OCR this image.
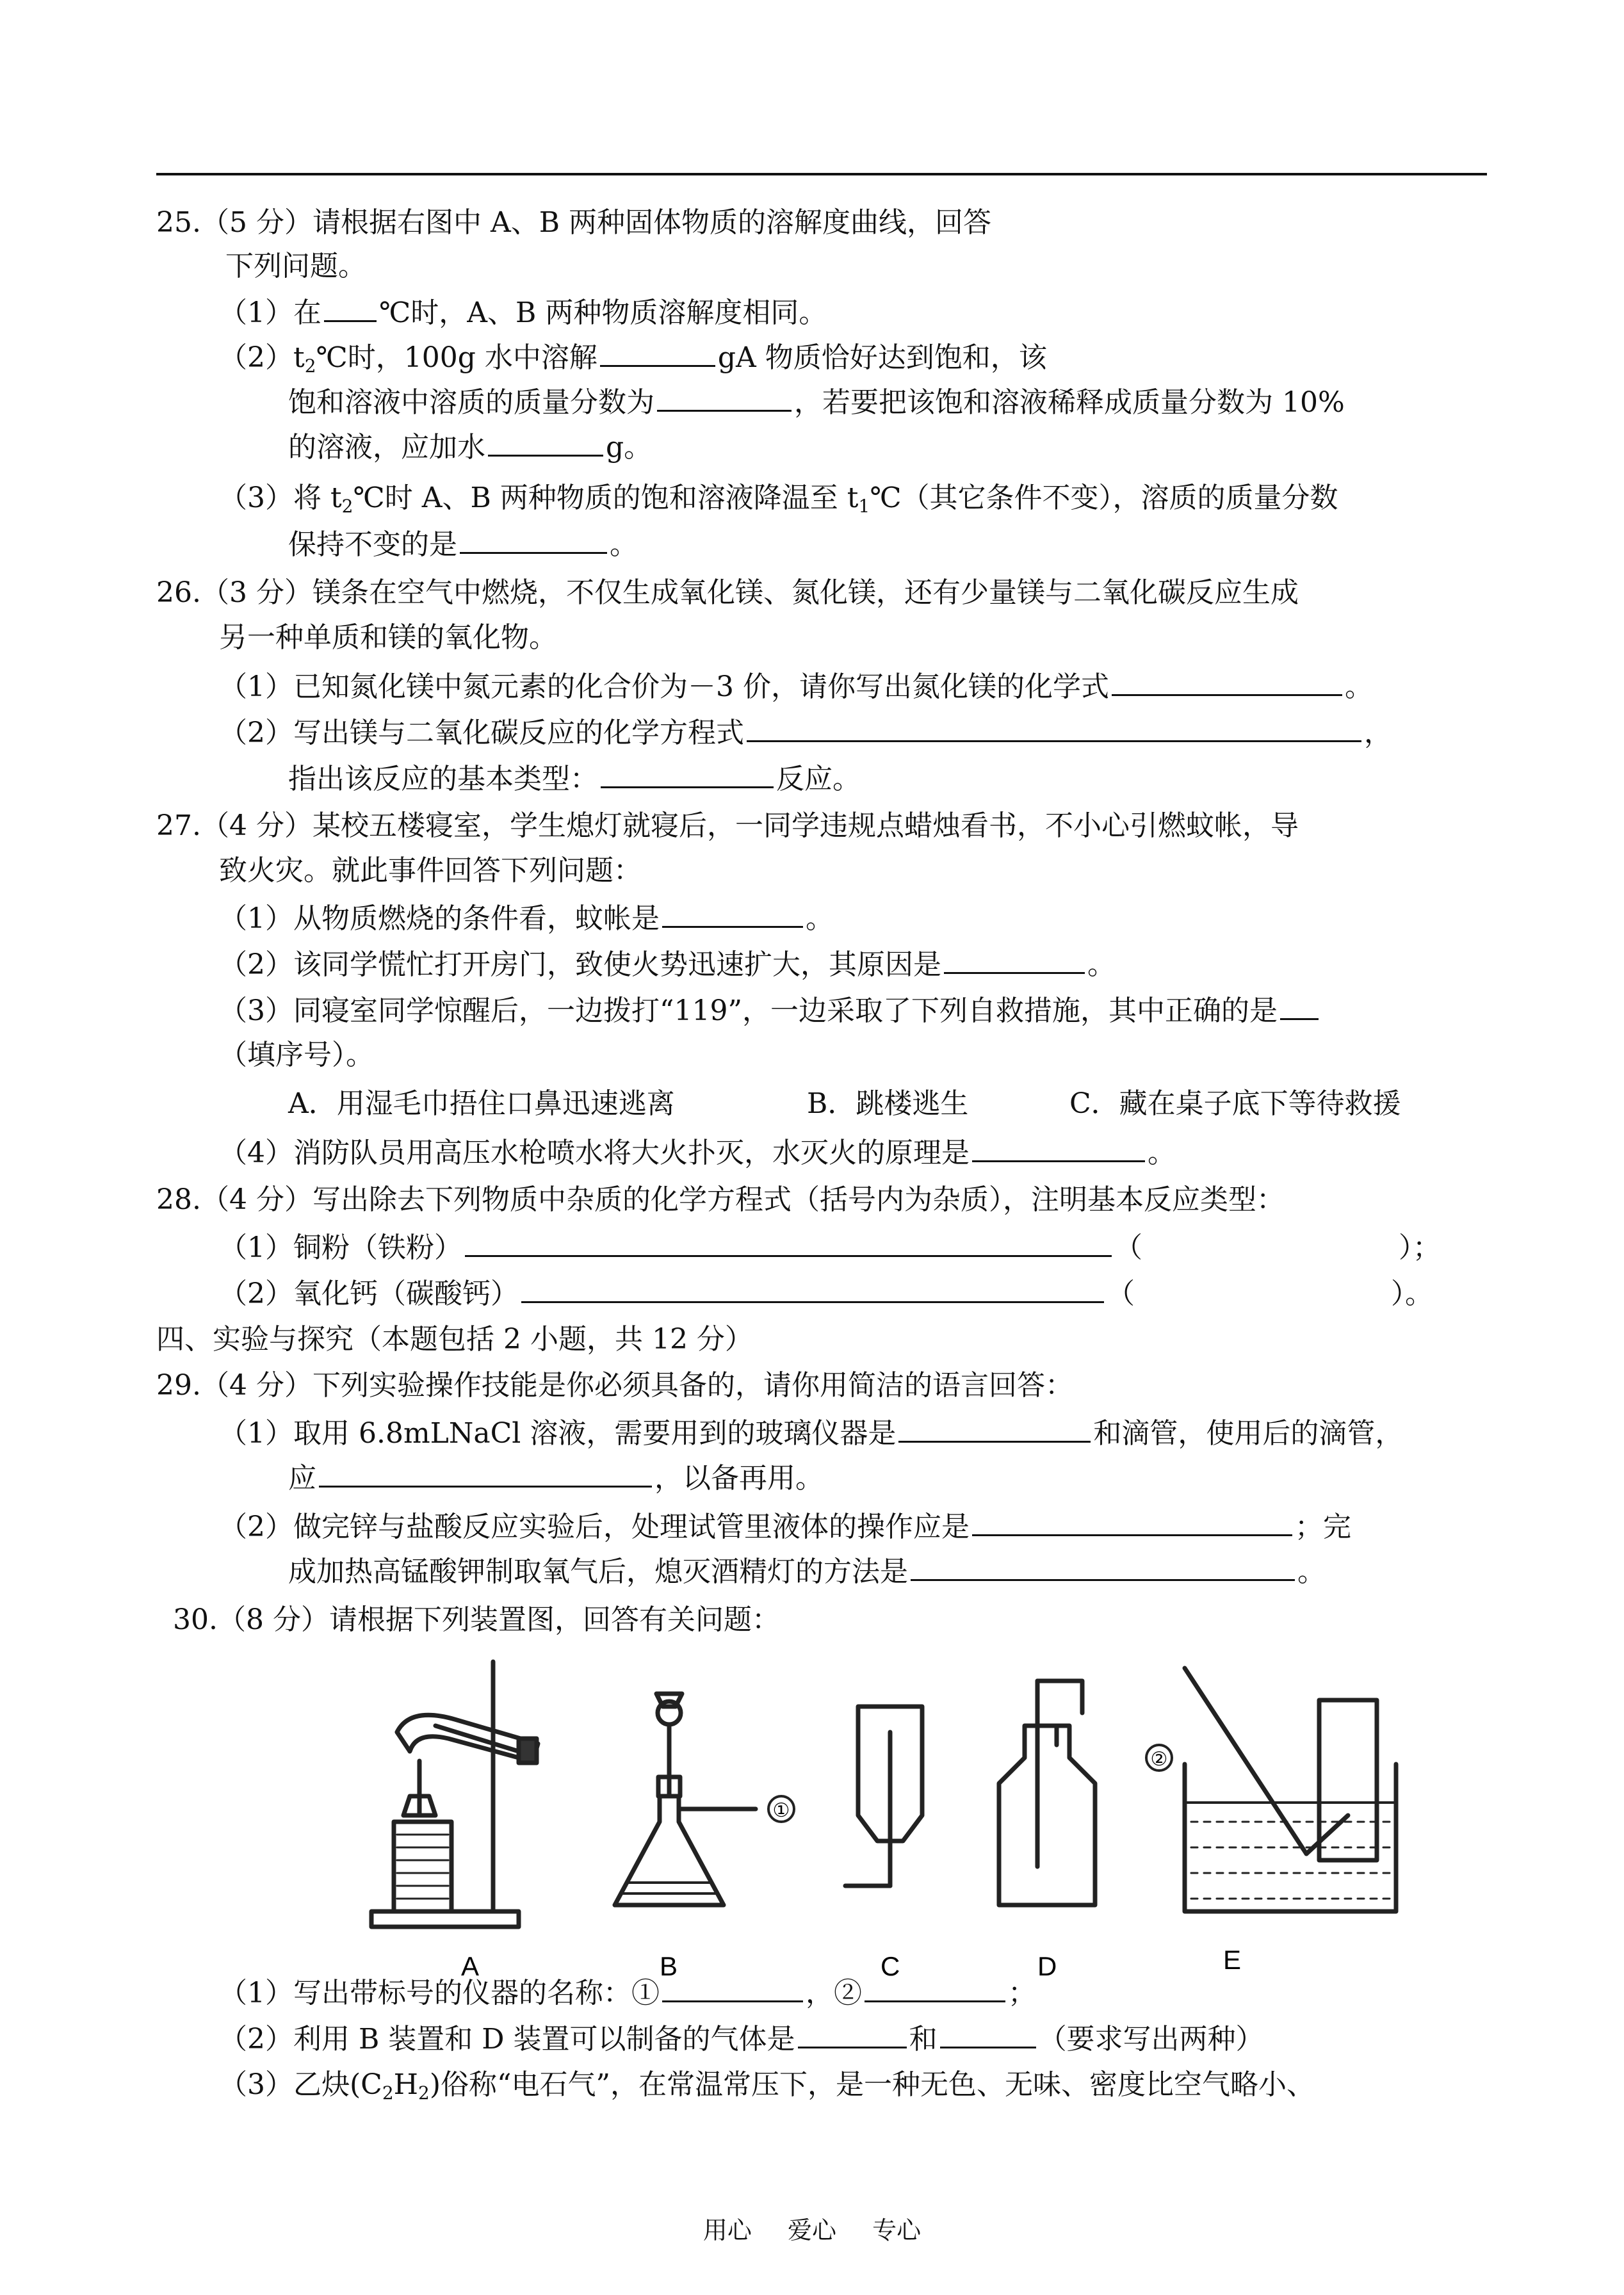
25.（5 分）请根据右图中 A、B 两种固体物质的溶解度曲线，回答
下列问题。
（1）在 ℃时，A、B 两种物质溶解度相同。
$(2)t_2℃$时，100g 水中溶解	gA 物质恰好达到饱和，该
饱和溶液中溶质的质量分数为	，若要把该饱和溶液稀释成质量分数为 10%
的溶液，应加水	g。
（3）将 $t_2℃$时 A、B 两种物质的饱和溶液降温至 $t_1℃$（其它条件不变），溶质的质量分数
保持不变的是	。
26.（3 分）镁条在空气中燃烧，不仅生成氧化镁、氮化镁，还有少量镁与二氧化碳反应生成
另一种单质和镁的氧化物。
（1）已知氮化镁中氮元素的化合价为－3 价，请你写出氮化镁的化学式	。
（2）写出镁与二氧化碳反应的化学方程式	，
指出该反应的基本类型：	反应。
27.（4 分）某校五楼寝室，学生熄灯就寝后，一同学违规点蜡烛看书，不小心引燃蚊帐，导
致火灾。就此事件回答下列问题：
（1）从物质燃烧的条件看，蚊帐是	。
（2）该同学慌忙打开房门，致使火势迅速扩大，其原因是	。
（3）同寝室同学惊醒后，一边拨打“119”，一边采取了下列自救措施，其中正确的是
（填序号）。
A．用湿毛巾捂住口鼻迅速逃离	B．跳楼逃生	C．藏在桌子底下等待救援
（4）消防队员用高压水枪喷水将大火扑灭，水灭火的原理是	。
28.（4 分）写出除去下列物质中杂质的化学方程式（括号内为杂质），注明基本反应类型：
（1）铜粉（铁粉）	（	）；
（2）氧化钙（碳酸钙）	（	）。
四、实验与探究（本题包括 2 小题，共 12 分）
29.（4 分）下列实验操作技能是你必须具备的，请你用简洁的语言回答：
（1）取用 6.8mLNaCl 溶液，需要用到的玻璃仪器是	和滴管，使用后的滴管，
应	，以备再用。
（2）做完锌与盐酸反应实验后，处理试管里液体的操作应是	；完
成加热高锰酸钾制取氧气后，熄灭酒精灯的方法是	。
30.（8 分）请根据下列装置图，回答有关问题：
①
②
A	B	C	D	E
（1）写出带标号的仪器的名称：①	，②	；
（2）利用 B 装置和 D 装置可以制备的气体是	和	（要求写出两种）
（3）乙炔$(C_2H_2)$俗称“电石气”，在常温常压下，是一种无色、无味、密度比空气略小、
用心 爱心 专心
